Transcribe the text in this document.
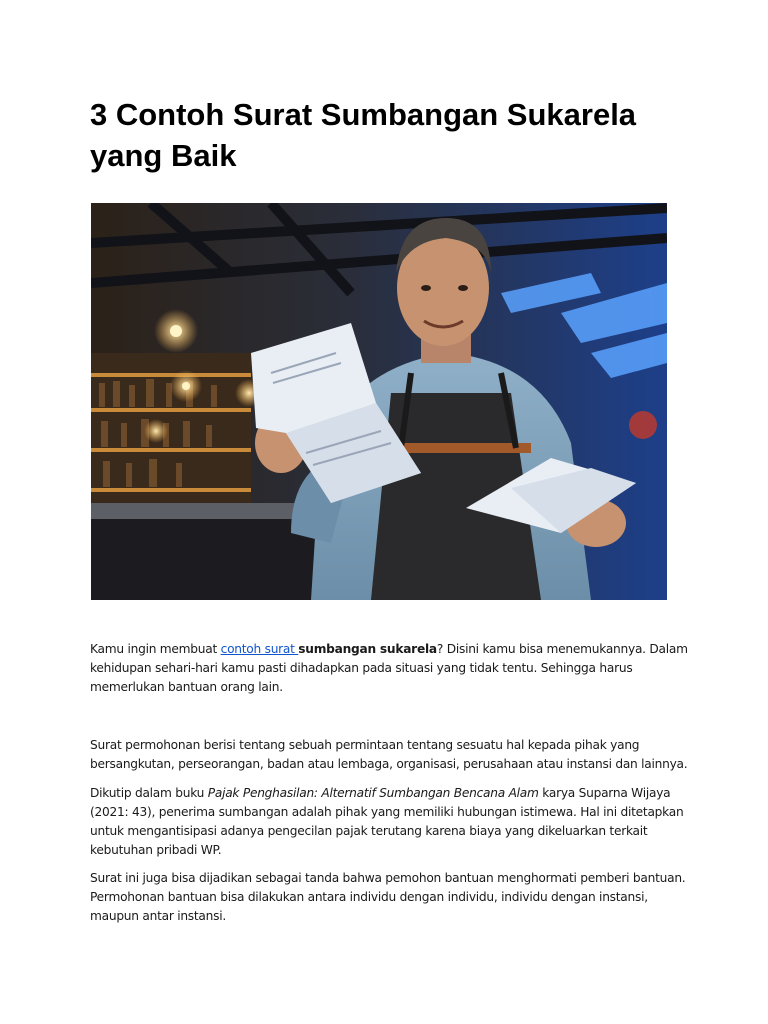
3 Contoh Surat Sumbangan Sukarela yang Baik

Kamu ingin membuat contoh surat sumbangan sukarela? Disini kamu bisa menemukannya. Dalam kehidupan sehari-hari kamu pasti dihadapkan pada situasi yang tidak tentu. Sehingga harus memerlukan bantuan orang lain.

Surat permohonan berisi tentang sebuah permintaan tentang sesuatu hal kepada pihak yang bersangkutan, perseorangan, badan atau lembaga, organisasi, perusahaan atau instansi dan lainnya.

Dikutip dalam buku Pajak Penghasilan: Alternatif Sumbangan Bencana Alam karya Suparna Wijaya (2021: 43), penerima sumbangan adalah pihak yang memiliki hubungan istimewa. Hal ini ditetapkan untuk mengantisipasi adanya pengecilan pajak terutang karena biaya yang dikeluarkan terkait kebutuhan pribadi WP.

Surat ini juga bisa dijadikan sebagai tanda bahwa pemohon bantuan menghormati pemberi bantuan. Permohonan bantuan bisa dilakukan antara individu dengan individu, individu dengan instansi, maupun antar instansi.
